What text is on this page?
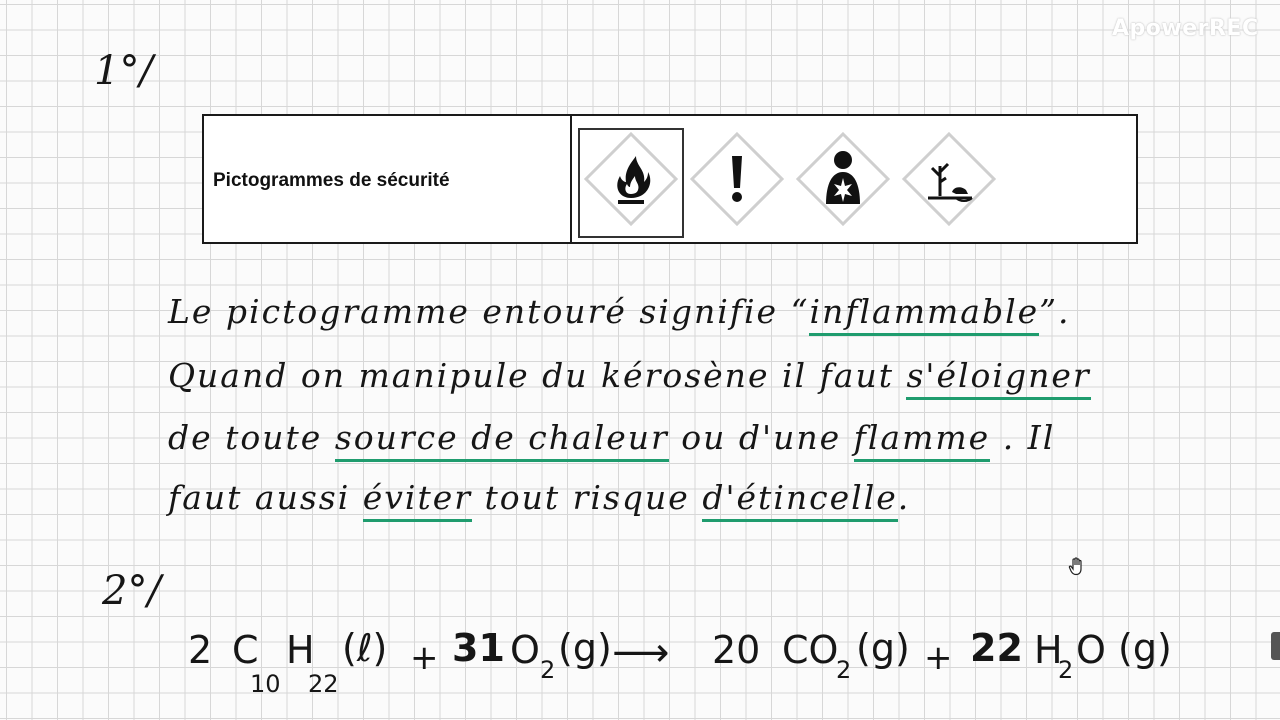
ApowerREC
1°/
Pictogrammes de sécurité
Le pictogramme entouré signifie “inflammable”.
Quand on manipule du kérosène il faut s'éloigner
de toute source de chaleur ou d'une flamme . Il
faut aussi éviter tout risque d'étincelle.
2°/
2 C
10
H
22
(ℓ) + 31 O 2 (g) ⟶ 20 CO
2 (g) + 22 H
2 O (g)
